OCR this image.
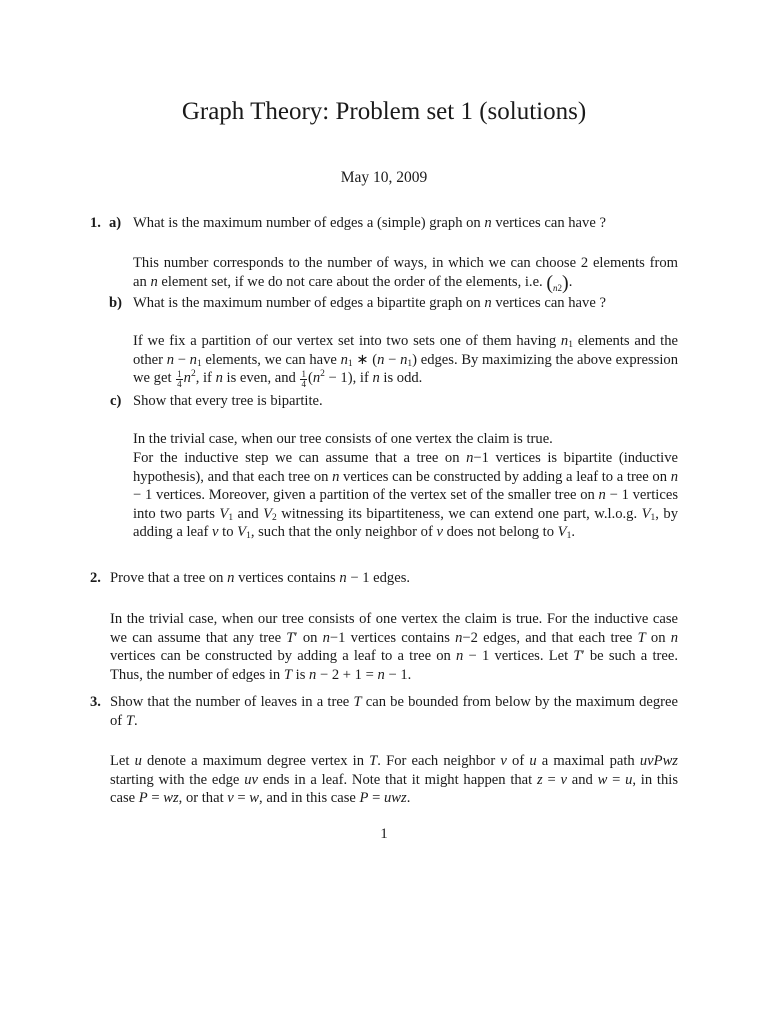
Graph Theory: Problem set 1 (solutions)
May 10, 2009
1. a) What is the maximum number of edges a (simple) graph on n vertices can have ?
This number corresponds to the number of ways, in which we can choose 2 elements from an n element set, if we do not care about the order of the elements, i.e. (n2).
b) What is the maximum number of edges a bipartite graph on n vertices can have ?
If we fix a partition of our vertex set into two sets one of them having $n_1$ elements and the other $n - n_1$ elements, we can have $n_1$ ∗ $(n - n_1)$ edges. By maximizing the above expression we get $\frac{1}{4} n^2$, if n is even, and $\frac{1}{4} (n^2 - 1)$, if n is odd.
c) Show that every tree is bipartite.
In the trivial case, when our tree consists of one vertex the claim is true.
For the inductive step we can assume that a tree on n−1 vertices is bipartite (inductive hypothesis), and that each tree on n vertices can be constructed by adding a leaf to a tree on n − 1 vertices. Moreover, given a partition of the vertex set of the smaller tree on n − 1 vertices into two parts $V_1$ and $V_2$ witnessing its bipartiteness, we can extend one part, w.l.o.g. $V_1$, by adding a leaf v to $V_1$, such that the only neighbor of v does not belong to $V_1$.
2. Prove that a tree on n vertices contains n − 1 edges.
In the trivial case, when our tree consists of one vertex the claim is true. For the inductive case we can assume that any tree T′ on n−1 vertices contains n−2 edges, and that each tree T on n vertices can be constructed by adding a leaf to a tree on n − 1 vertices. Let T′ be such a tree. Thus, the number of edges in T is n − 2 + 1 = n − 1.
3. Show that the number of leaves in a tree T can be bounded from below by the maximum degree of T.
Let u denote a maximum degree vertex in T. For each neighbor v of u a maximal path uvPwz starting with the edge uv ends in a leaf. Note that it might happen that z = v and w = u, in this case P = wz, or that v = w, and in this case P = uwz.
1
